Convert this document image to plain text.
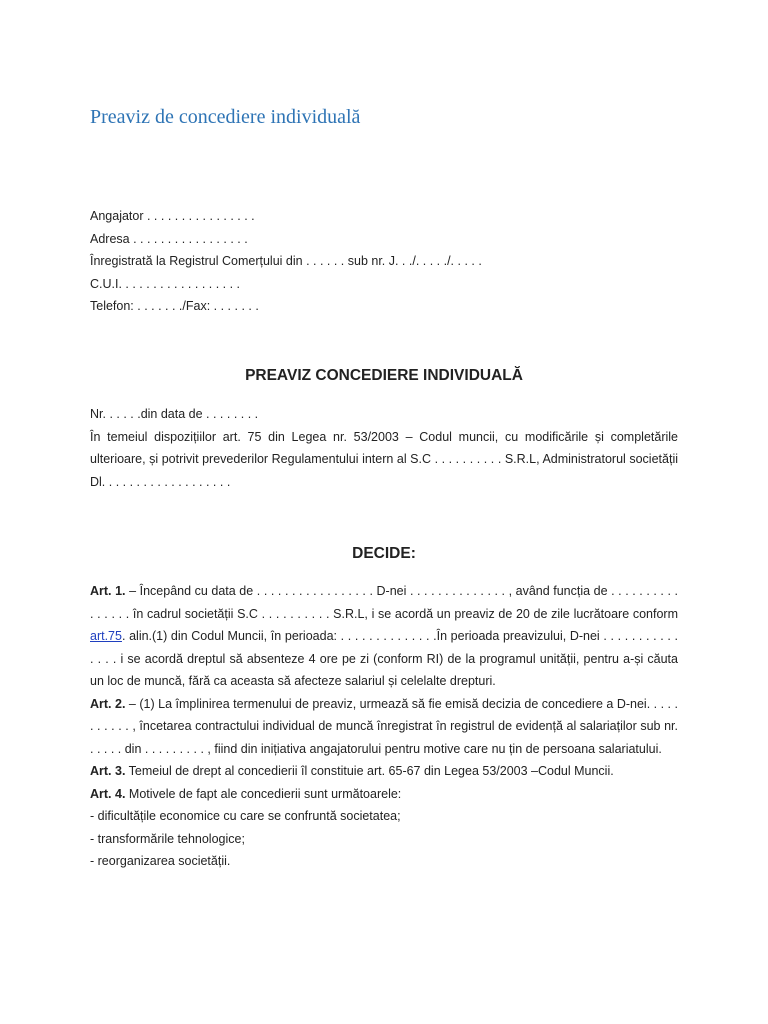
Preaviz de concediere individuală
Angajator . . . . . . . . . . . . . . . .
Adresa . . . . . . . . . . . . . . . . .
Înregistrată la Registrul Comerțului din . . . . . . sub nr. J. . ./. . . . ./. . . . .
C.U.I. . . . . . . . . . . . . . . . . .
Telefon: . . . . . . ./Fax: . . . . . . .
PREAVIZ CONCEDIERE INDIVIDUALĂ
Nr. . . . . .din data de . . . . . . . .
În temeiul dispozițiilor art. 75 din Legea nr. 53/2003 – Codul muncii, cu modificările și completările ulterioare, și potrivit prevederilor Regulamentului intern al S.C . . . . . . . . . . S.R.L, Administratorul societății Dl. . . . . . . . . . . . . . . . . . .
DECIDE:

Art. 1. – Începând cu data de . . . . . . . . . . . . . . . . . D-nei . . . . . . . . . . . . . . , având funcția de . . . . . . . . . . . . . . . . în cadrul societății S.C . . . . . . . . . . S.R.L, i se acordă un preaviz de 20 de zile lucrătoare conform art.75. alin.(1) din Codul Muncii, în perioada: . . . . . . . . . . . . . .În perioada preavizului, D-nei . . . . . . . . . . . . . . . i se acordă dreptul să absenteze 4 ore pe zi (conform RI) de la programul unității, pentru a-și căuta un loc de muncă, fără ca aceasta să afecteze salariul și celelalte drepturi.

Art. 2. – (1) La împlinirea termenului de preaviz, urmează să fie emisă decizia de concediere a D-nei. . . . . . . . . . . , încetarea contractului individual de muncă înregistrat în registrul de evidență al salariaților sub nr. . . . . . din . . . . . . . . . , fiind din inițiativa angajatorului pentru motive care nu țin de persoana salariatului.

Art. 3. Temeiul de drept al concedierii îl constituie art. 65-67 din Legea 53/2003 –Codul Muncii.

Art. 4. Motivele de fapt ale concedierii sunt următoarele:

- dificultățile economice cu care se confruntă societatea;
- transformările tehnologice;
- reorganizarea societății.
